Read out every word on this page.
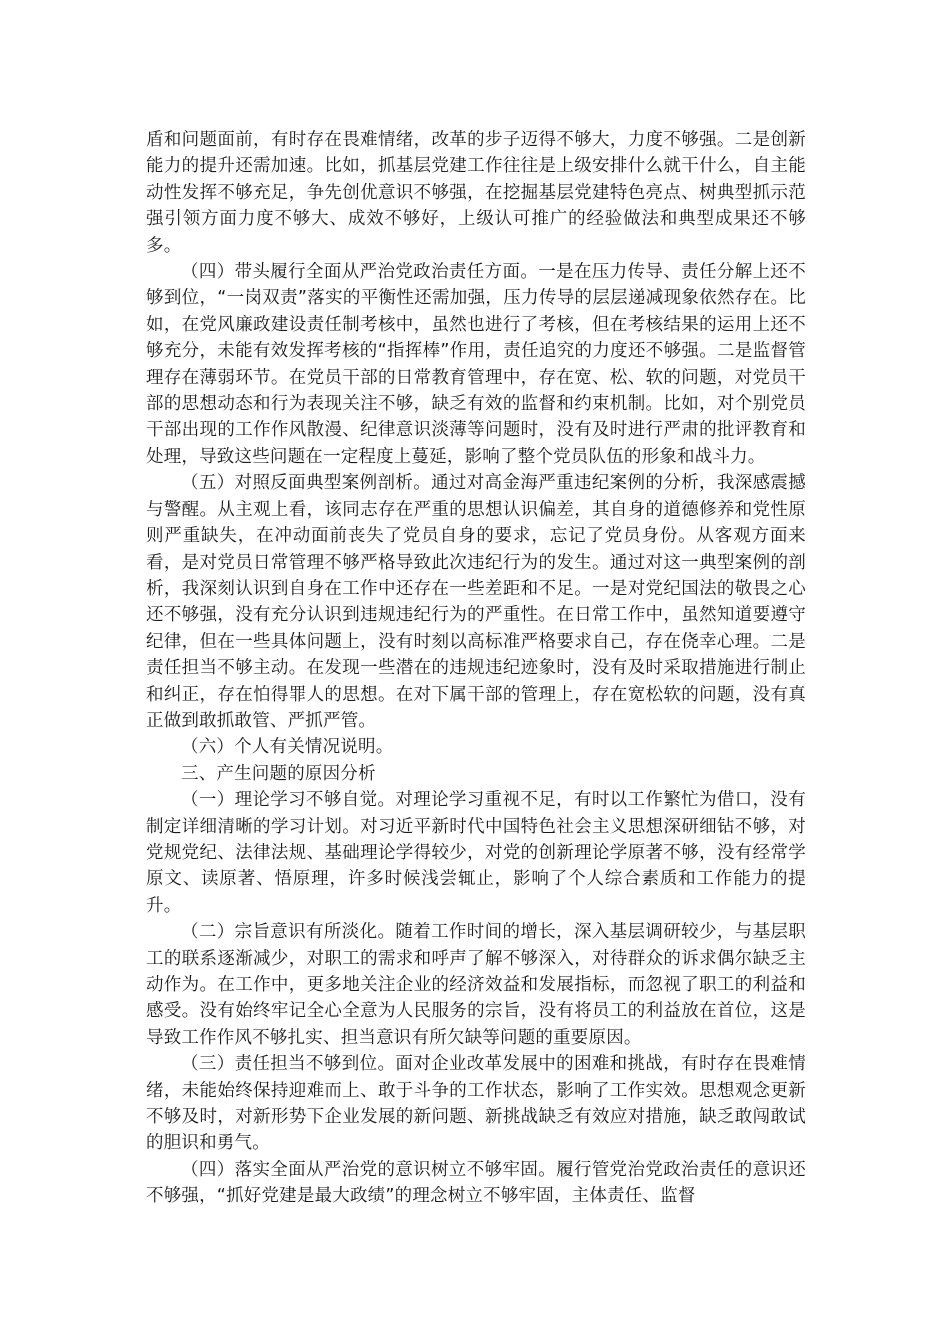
盾和问题面前，有时存在畏难情绪，改革的步子迈得不够大，力度不够强。二是创新能力的提升还需加速。比如，抓基层党建工作往往是上级安排什么就干什么，自主能动性发挥不够充足，争先创优意识不够强，在挖掘基层党建特色亮点、树典型抓示范强引领方面力度不够大、成效不够好，上级认可推广的经验做法和典型成果还不够多。

（四）带头履行全面从严治党政治责任方面。一是在压力传导、责任分解上还不够到位，“一岗双责”落实的平衡性还需加强，压力传导的层层递减现象依然存在。比如，在党风廉政建设责任制考核中，虽然也进行了考核，但在考核结果的运用上还不够充分，未能有效发挥考核的“指挥棒”作用，责任追究的力度还不够强。二是监督管理存在薄弱环节。在党员干部的日常教育管理中，存在宽、松、软的问题，对党员干部的思想动态和行为表现关注不够，缺乏有效的监督和约束机制。比如，对个别党员干部出现的工作作风散漫、纪律意识淡薄等问题时，没有及时进行严肃的批评教育和处理，导致这些问题在一定程度上蔓延，影响了整个党员队伍的形象和战斗力。

（五）对照反面典型案例剖析。通过对高金海严重违纪案例的分析，我深感震撼与警醒。从主观上看，该同志存在严重的思想认识偏差，其自身的道德修养和党性原则严重缺失，在冲动面前丧失了党员自身的要求，忘记了党员身份。从客观方面来看，是对党员日常管理不够严格导致此次违纪行为的发生。通过对这一典型案例的剖析，我深刻认识到自身在工作中还存在一些差距和不足。一是对党纪国法的敬畏之心还不够强，没有充分认识到违规违纪行为的严重性。在日常工作中，虽然知道要遵守纪律，但在一些具体问题上，没有时刻以高标准严格要求自己，存在侥幸心理。二是责任担当不够主动。在发现一些潜在的违规违纪迹象时，没有及时采取措施进行制止和纠正，存在怕得罪人的思想。在对下属干部的管理上，存在宽松软的问题，没有真正做到敢抓敢管、严抓严管。

（六）个人有关情况说明。

三、产生问题的原因分析

（一）理论学习不够自觉。对理论学习重视不足，有时以工作繁忙为借口，没有制定详细清晰的学习计划。对习近平新时代中国特色社会主义思想深研细钻不够，对党规党纪、法律法规、基础理论学得较少，对党的创新理论学原著不够，没有经常学原文、读原著、悟原理，许多时候浅尝辄止，影响了个人综合素质和工作能力的提升。

（二）宗旨意识有所淡化。随着工作时间的增长，深入基层调研较少，与基层职工的联系逐渐减少，对职工的需求和呼声了解不够深入，对待群众的诉求偶尔缺乏主动作为。在工作中，更多地关注企业的经济效益和发展指标，而忽视了职工的利益和感受。没有始终牢记全心全意为人民服务的宗旨，没有将员工的利益放在首位，这是导致工作作风不够扎实、担当意识有所欠缺等问题的重要原因。

（三）责任担当不够到位。面对企业改革发展中的困难和挑战，有时存在畏难情绪，未能始终保持迎难而上、敢于斗争的工作状态，影响了工作实效。思想观念更新不够及时，对新形势下企业发展的新问题、新挑战缺乏有效应对措施，缺乏敢闯敢试的胆识和勇气。

（四）落实全面从严治党的意识树立不够牢固。履行管党治党政治责任的意识还不够强，“抓好党建是最大政绩”的理念树立不够牢固，主体责任、监督
